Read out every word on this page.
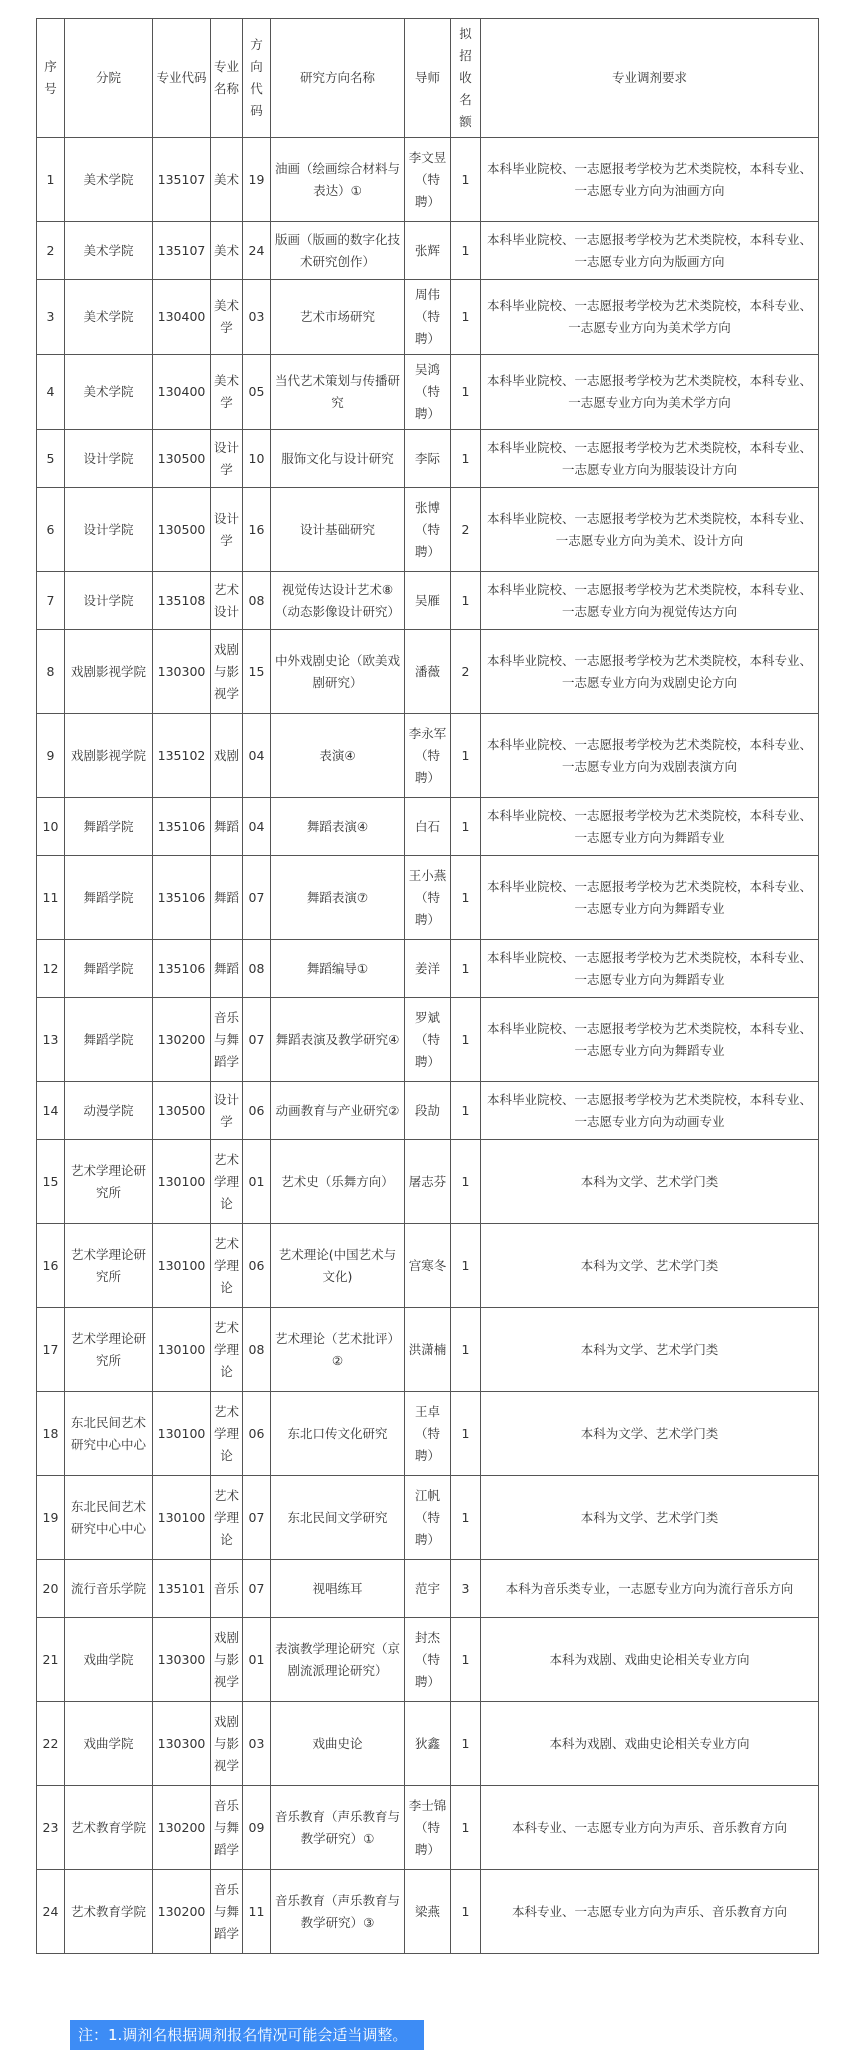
序号	分院	专业代码	专业名称	方向代码	研究方向名称	导师	拟招收名额	专业调剂要求
1	美术学院	135107	美术	19	油画（绘画综合材料与表达）①	李文昱（特聘）	1	本科毕业院校、一志愿报考学校为艺术类院校，本科专业、一志愿专业方向为油画方向
2	美术学院	135107	美术	24	版画（版画的数字化技术研究创作）	张辉	1	本科毕业院校、一志愿报考学校为艺术类院校，本科专业、一志愿专业方向为版画方向
3	美术学院	130400	美术学	03	艺术市场研究	周伟（特聘）	1	本科毕业院校、一志愿报考学校为艺术类院校，本科专业、一志愿专业方向为美术学方向
4	美术学院	130400	美术学	05	当代艺术策划与传播研究	吴鸿（特聘）	1	本科毕业院校、一志愿报考学校为艺术类院校，本科专业、一志愿专业方向为美术学方向
5	设计学院	130500	设计学	10	服饰文化与设计研究	李际	1	本科毕业院校、一志愿报考学校为艺术类院校，本科专业、一志愿专业方向为服装设计方向
6	设计学院	130500	设计学	16	设计基础研究	张博（特聘）	2	本科毕业院校、一志愿报考学校为艺术类院校，本科专业、一志愿专业方向为美术、设计方向
7	设计学院	135108	艺术设计	08	视觉传达设计艺术⑧（动态影像设计研究）	吴雁	1	本科毕业院校、一志愿报考学校为艺术类院校，本科专业、一志愿专业方向为视觉传达方向
8	戏剧影视学院	130300	戏剧与影视学	15	中外戏剧史论（欧美戏剧研究）	潘薇	2	本科毕业院校、一志愿报考学校为艺术类院校，本科专业、一志愿专业方向为戏剧史论方向
9	戏剧影视学院	135102	戏剧	04	表演④	李永军（特聘）	1	本科毕业院校、一志愿报考学校为艺术类院校，本科专业、一志愿专业方向为戏剧表演方向
10	舞蹈学院	135106	舞蹈	04	舞蹈表演④	白石	1	本科毕业院校、一志愿报考学校为艺术类院校，本科专业、一志愿专业方向为舞蹈专业
11	舞蹈学院	135106	舞蹈	07	舞蹈表演⑦	王小燕（特聘）	1	本科毕业院校、一志愿报考学校为艺术类院校，本科专业、一志愿专业方向为舞蹈专业
12	舞蹈学院	135106	舞蹈	08	舞蹈编导①	姜洋	1	本科毕业院校、一志愿报考学校为艺术类院校，本科专业、一志愿专业方向为舞蹈专业
13	舞蹈学院	130200	音乐与舞蹈学	07	舞蹈表演及教学研究④	罗斌（特聘）	1	本科毕业院校、一志愿报考学校为艺术类院校，本科专业、一志愿专业方向为舞蹈专业
14	动漫学院	130500	设计学	06	动画教育与产业研究②	段劼	1	本科毕业院校、一志愿报考学校为艺术类院校，本科专业、一志愿专业方向为动画专业
15	艺术学理论研究所	130100	艺术学理论	01	艺术史（乐舞方向）	屠志芬	1	本科为文学、艺术学门类
16	艺术学理论研究所	130100	艺术学理论	06	艺术理论(中国艺术与文化)	宫寒冬	1	本科为文学、艺术学门类
17	艺术学理论研究所	130100	艺术学理论	08	艺术理论（艺术批评）②	洪潇楠	1	本科为文学、艺术学门类
18	东北民间艺术研究中心中心	130100	艺术学理论	06	东北口传文化研究	王卓（特聘）	1	本科为文学、艺术学门类
19	东北民间艺术研究中心中心	130100	艺术学理论	07	东北民间文学研究	江帆（特聘）	1	本科为文学、艺术学门类
20	流行音乐学院	135101	音乐	07	视唱练耳	范宇	3	本科为音乐类专业，一志愿专业方向为流行音乐方向
21	戏曲学院	130300	戏剧与影视学	01	表演教学理论研究（京剧流派理论研究）	封杰（特聘）	1	本科为戏剧、戏曲史论相关专业方向
22	戏曲学院	130300	戏剧与影视学	03	戏曲史论	狄鑫	1	本科为戏剧、戏曲史论相关专业方向
23	艺术教育学院	130200	音乐与舞蹈学	09	音乐教育（声乐教育与教学研究）①	李士锦（特聘）	1	本科专业、一志愿专业方向为声乐、音乐教育方向
24	艺术教育学院	130200	音乐与舞蹈学	11	音乐教育（声乐教育与教学研究）③	梁燕	1	本科专业、一志愿专业方向为声乐、音乐教育方向
注：1.调剂名根据调剂报名情况可能会适当调整。
